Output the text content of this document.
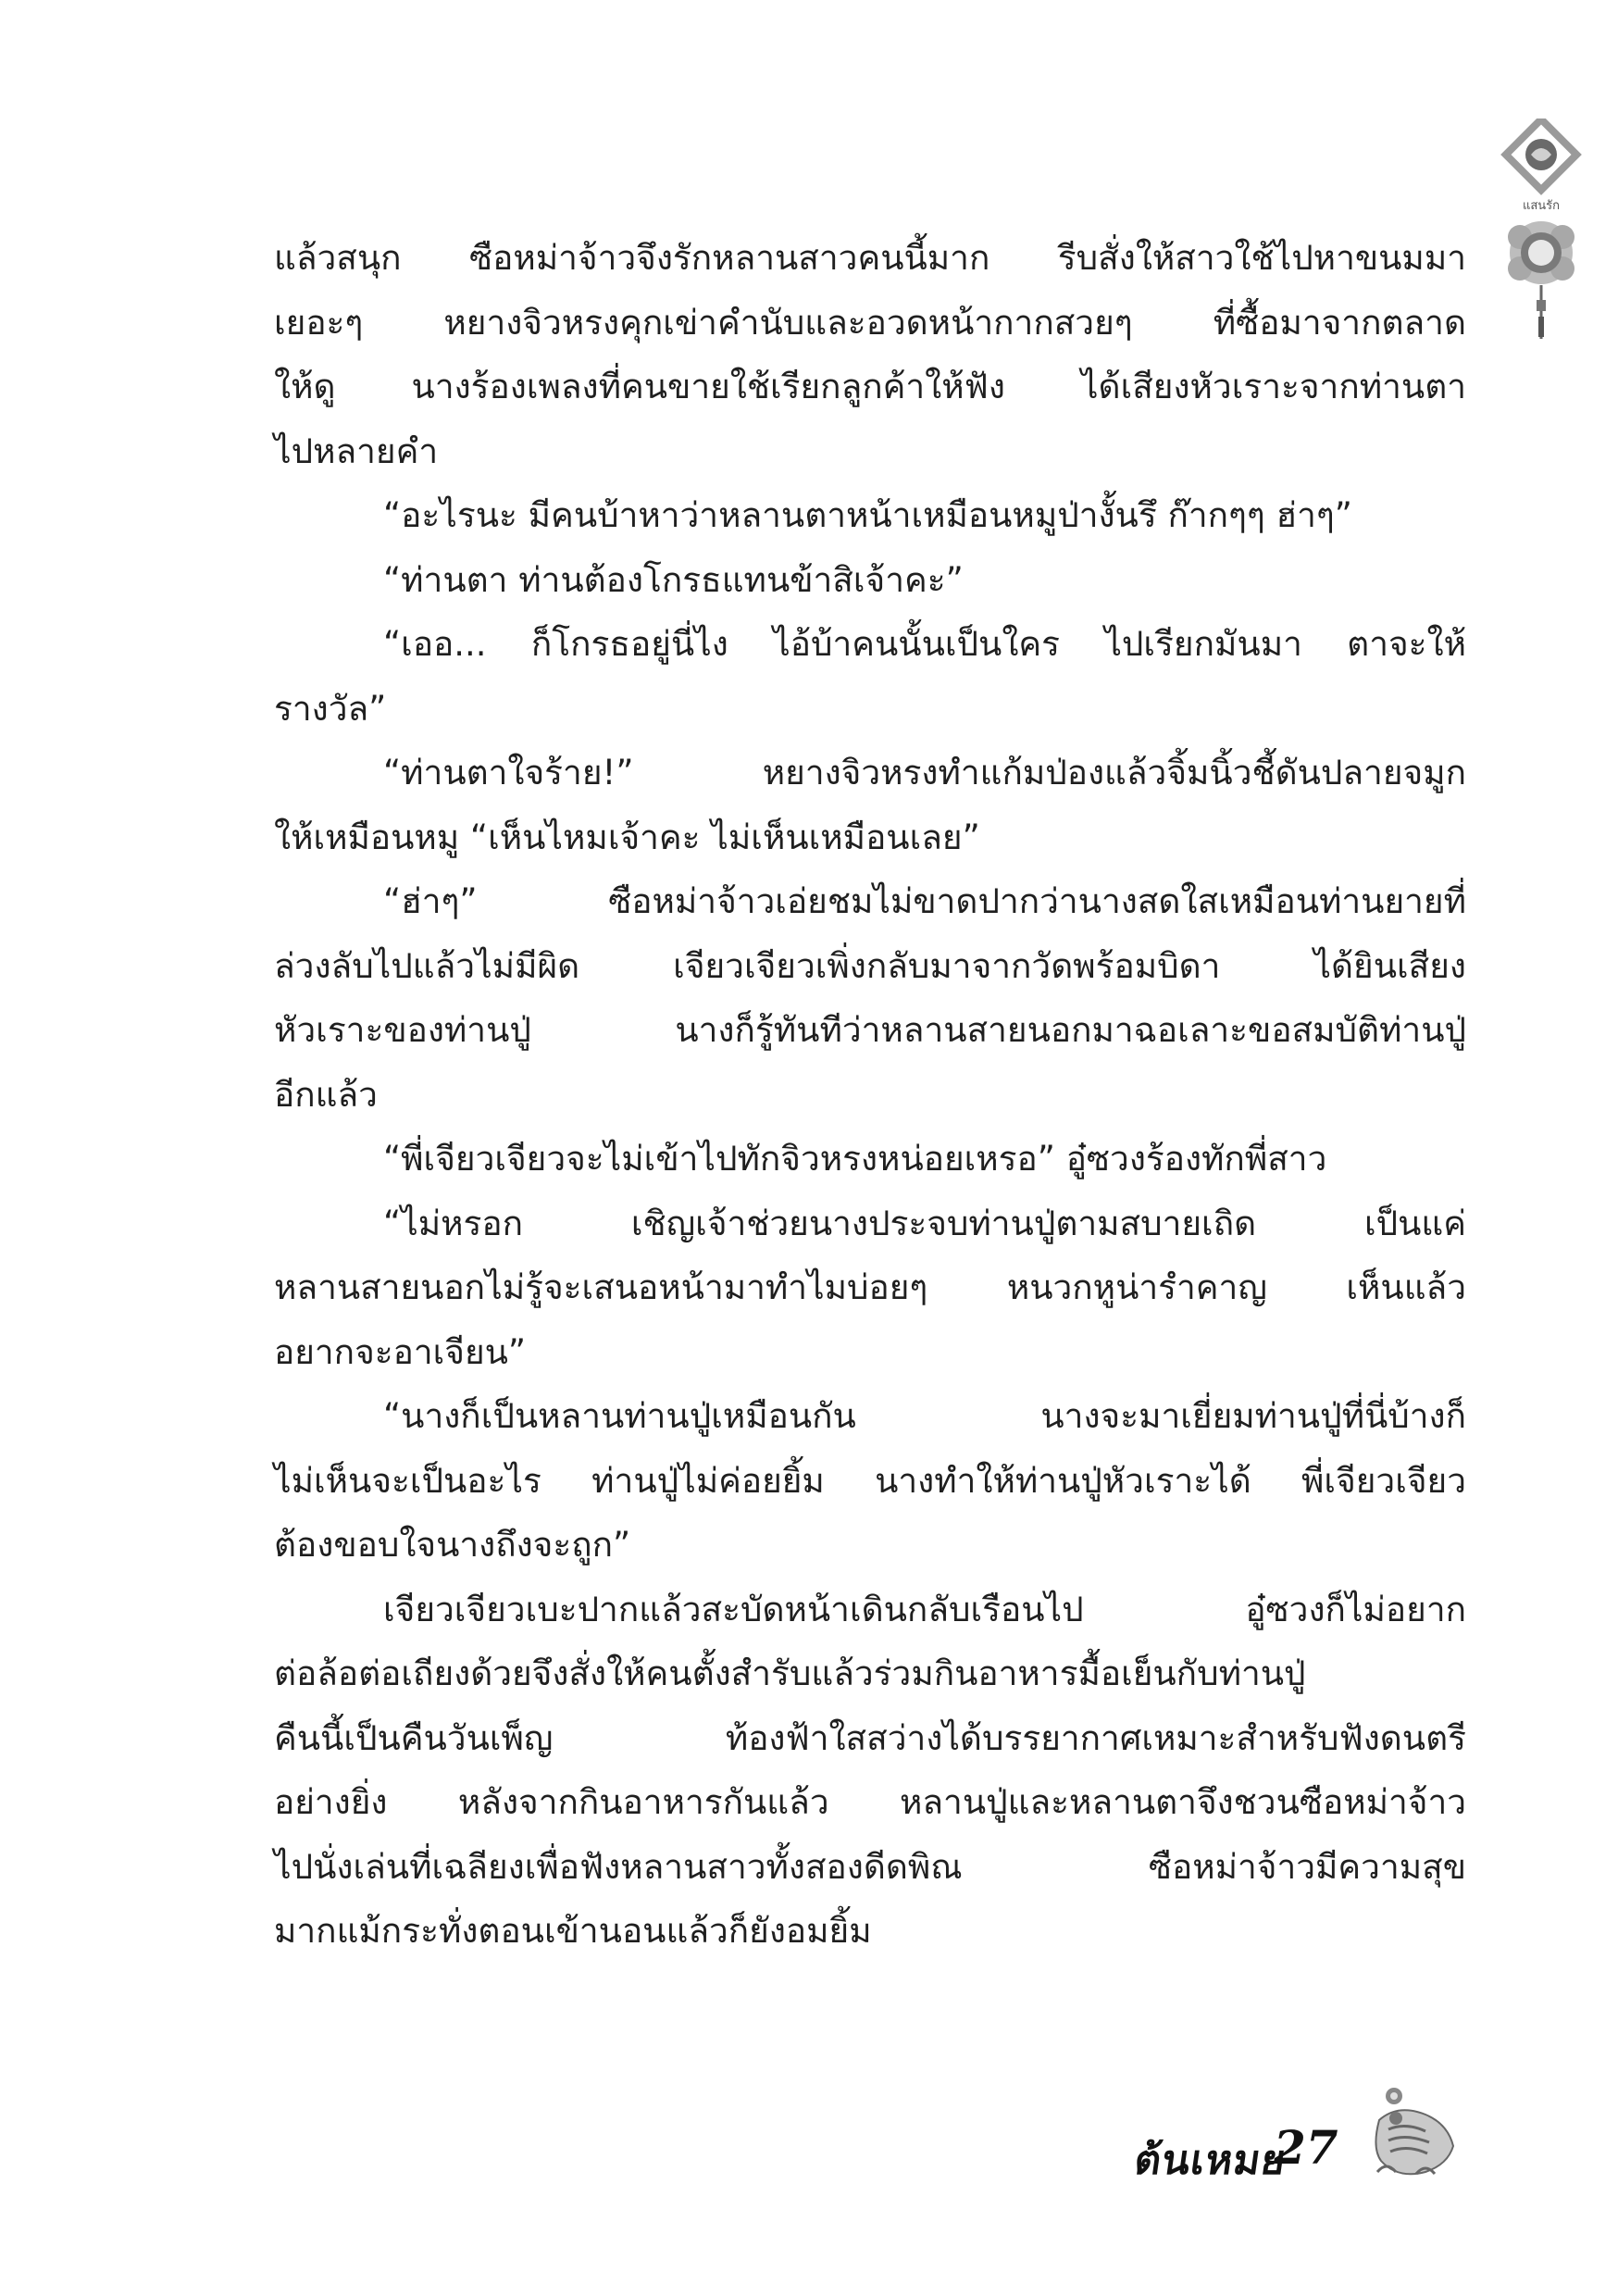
แสนรัก
แล้วสนุก ซือหม่าจ้าวจึงรักหลานสาวคนนี้มาก รีบสั่งให้สาวใช้ไปหาขนมมา
เยอะๆ หยางจิวหรงคุกเข่าคำนับและอวดหน้ากากสวยๆ ที่ซื้อมาจากตลาด
ให้ดู นางร้องเพลงที่คนขายใช้เรียกลูกค้าให้ฟัง ได้เสียงหัวเราะจากท่านตา
ไปหลายคำ
“อะไรนะ มีคนบ้าหาว่าหลานตาหน้าเหมือนหมูป่างั้นรึ ก๊ากๆๆ ฮ่าๆ”
“ท่านตา ท่านต้องโกรธแทนข้าสิเจ้าคะ”
“เออ... ก็โกรธอยู่นี่ไง ไอ้บ้าคนนั้นเป็นใคร ไปเรียกมันมา ตาจะให้
รางวัล”
“ท่านตาใจร้าย!” หยางจิวหรงทำแก้มป่องแล้วจิ้มนิ้วชี้ดันปลายจมูก
ให้เหมือนหมู “เห็นไหมเจ้าคะ ไม่เห็นเหมือนเลย”
“ฮ่าๆ” ซือหม่าจ้าวเอ่ยชมไม่ขาดปากว่านางสดใสเหมือนท่านยายที่
ล่วงลับไปแล้วไม่มีผิด เจียวเจียวเพิ่งกลับมาจากวัดพร้อมบิดา ได้ยินเสียง
หัวเราะของท่านปู่ นางก็รู้ทันทีว่าหลานสายนอกมาฉอเลาะขอสมบัติท่านปู่
อีกแล้ว
“พี่เจียวเจียวจะไม่เข้าไปทักจิวหรงหน่อยเหรอ” อู๋ซวงร้องทักพี่สาว
“ไม่หรอก เชิญเจ้าช่วยนางประจบท่านปู่ตามสบายเถิด เป็นแค่
หลานสายนอกไม่รู้จะเสนอหน้ามาทำไมบ่อยๆ หนวกหูน่ารำคาญ เห็นแล้ว
อยากจะอาเจียน”
“นางก็เป็นหลานท่านปู่เหมือนกัน นางจะมาเยี่ยมท่านปู่ที่นี่บ้างก็
ไม่เห็นจะเป็นอะไร ท่านปู่ไม่ค่อยยิ้ม นางทำให้ท่านปู่หัวเราะได้ พี่เจียวเจียว
ต้องขอบใจนางถึงจะถูก”
เจียวเจียวเบะปากแล้วสะบัดหน้าเดินกลับเรือนไป อู๋ซวงก็ไม่อยาก
ต่อล้อต่อเถียงด้วยจึงสั่งให้คนตั้งสำรับแล้วร่วมกินอาหารมื้อเย็นกับท่านปู่
คืนนี้เป็นคืนวันเพ็ญ ท้องฟ้าใสสว่างได้บรรยากาศเหมาะสำหรับฟังดนตรี
อย่างยิ่ง หลังจากกินอาหารกันแล้ว หลานปู่และหลานตาจึงชวนซือหม่าจ้าว
ไปนั่งเล่นที่เฉลียงเพื่อฟังหลานสาวทั้งสองดีดพิณ ซือหม่าจ้าวมีความสุข
มากแม้กระทั่งตอนเข้านอนแล้วก็ยังอมยิ้ม
ต้นเหมย
27
